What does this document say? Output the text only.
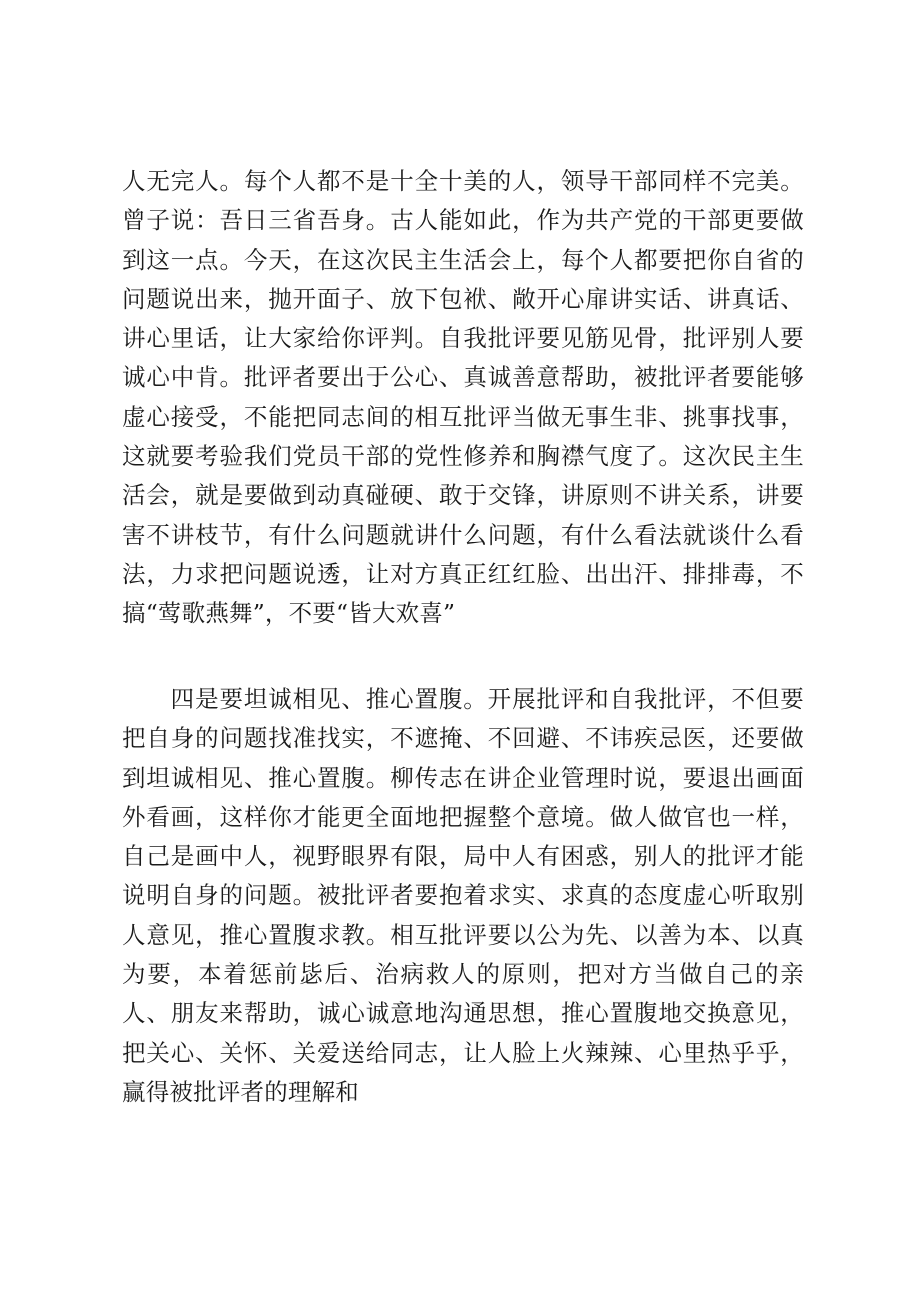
人无完人。每个人都不是十全十美的人，领导干部同样不完美。曾子说：吾日三省吾身。古人能如此，作为共产党的干部更要做到这一点。今天，在这次民主生活会上，每个人都要把你自省的问题说出来，抛开面子、放下包袱、敞开心扉讲实话、讲真话、讲心里话，让大家给你评判。自我批评要见筋见骨，批评别人要诚心中肯。批评者要出于公心、真诚善意帮助，被批评者要能够虚心接受，不能把同志间的相互批评当做无事生非、挑事找事，这就要考验我们党员干部的党性修养和胸襟气度了。这次民主生活会，就是要做到动真碰硬、敢于交锋，讲原则不讲关系，讲要害不讲枝节，有什么问题就讲什么问题，有什么看法就谈什么看法，力求把问题说透，让对方真正红红脸、出出汗、排排毒，不搞“莺歌燕舞”，不要“皆大欢喜”

四是要坦诚相见、推心置腹。开展批评和自我批评，不但要把自身的问题找准找实，不遮掩、不回避、不讳疾忌医，还要做到坦诚相见、推心置腹。柳传志在讲企业管理时说，要退出画面外看画，这样你才能更全面地把握整个意境。做人做官也一样，自己是画中人，视野眼界有限，局中人有困惑，别人的批评才能说明自身的问题。被批评者要抱着求实、求真的态度虚心听取别人意见，推心置腹求教。相互批评要以公为先、以善为本、以真为要，本着惩前毖后、治病救人的原则，把对方当做自己的亲人、朋友来帮助，诚心诚意地沟通思想，推心置腹地交换意见，把关心、关怀、关爱送给同志，让人脸上火辣辣、心里热乎乎，赢得被批评者的理解和
